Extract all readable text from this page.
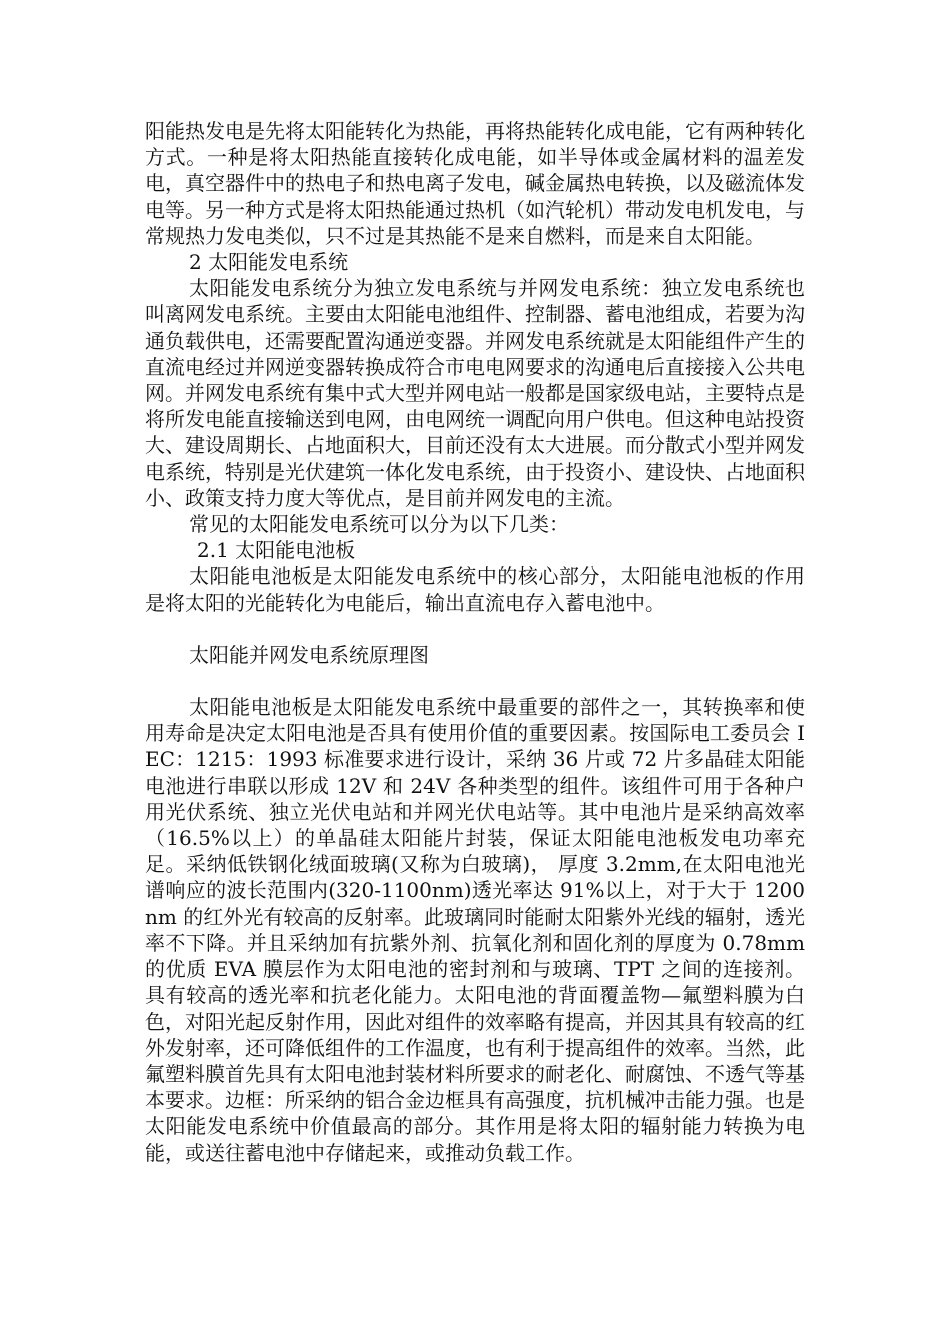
阳能热发电是先将太阳能转化为热能，再将热能转化成电能，它有两种转化方式。一种是将太阳热能直接转化成电能，如半导体或金属材料的温差发电，真空器件中的热电子和热电离子发电，碱金属热电转换，以及磁流体发电等。另一种方式是将太阳热能通过热机（如汽轮机）带动发电机发电，与常规热力发电类似，只不过是其热能不是来自燃料，而是来自太阳能。

2 太阳能发电系统

太阳能发电系统分为独立发电系统与并网发电系统：独立发电系统也叫离网发电系统。主要由太阳能电池组件、控制器、蓄电池组成，若要为沟通负载供电，还需要配置沟通逆变器。并网发电系统就是太阳能组件产生的直流电经过并网逆变器转换成符合市电电网要求的沟通电后直接接入公共电网。并网发电系统有集中式大型并网电站一般都是国家级电站，主要特点是将所发电能直接输送到电网，由电网统一调配向用户供电。但这种电站投资大、建设周期长、占地面积大，目前还没有太大进展。而分散式小型并网发电系统，特别是光伏建筑一体化发电系统，由于投资小、建设快、占地面积小、政策支持力度大等优点，是目前并网发电的主流。

常见的太阳能发电系统可以分为以下几类：

2.1 太阳能电池板

太阳能电池板是太阳能发电系统中的核心部分，太阳能电池板的作用是将太阳的光能转化为电能后，输出直流电存入蓄电池中。

太阳能并网发电系统原理图

太阳能电池板是太阳能发电系统中最重要的部件之一，其转换率和使用寿命是决定太阳电池是否具有使用价值的重要因素。按国际电工委员会 IEC：1215：1993 标准要求进行设计，采纳 36 片或 72 片多晶硅太阳能电池进行串联以形成 12V 和 24V 各种类型的组件。该组件可用于各种户用光伏系统、独立光伏电站和并网光伏电站等。其中电池片是采纳高效率（16.5%以上）的单晶硅太阳能片封装，保证太阳能电池板发电功率充足。采纳低铁钢化绒面玻璃(又称为白玻璃)， 厚度 3.2mm,在太阳电池光谱响应的波长范围内(320-1100nm)透光率达 91%以上，对于大于 1200 nm 的红外光有较高的反射率。此玻璃同时能耐太阳紫外光线的辐射，透光率不下降。并且采纳加有抗紫外剂、抗氧化剂和固化剂的厚度为 0.78mm 的优质 EVA 膜层作为太阳电池的密封剂和与玻璃、TPT 之间的连接剂。具有较高的透光率和抗老化能力。太阳电池的背面覆盖物—氟塑料膜为白色，对阳光起反射作用，因此对组件的效率略有提高，并因其具有较高的红外发射率，还可降低组件的工作温度，也有利于提高组件的效率。当然，此氟塑料膜首先具有太阳电池封装材料所要求的耐老化、耐腐蚀、不透气等基本要求。边框：所采纳的铝合金边框具有高强度，抗机械冲击能力强。也是太阳能发电系统中价值最高的部分。其作用是将太阳的辐射能力转换为电能，或送往蓄电池中存储起来，或推动负载工作。
